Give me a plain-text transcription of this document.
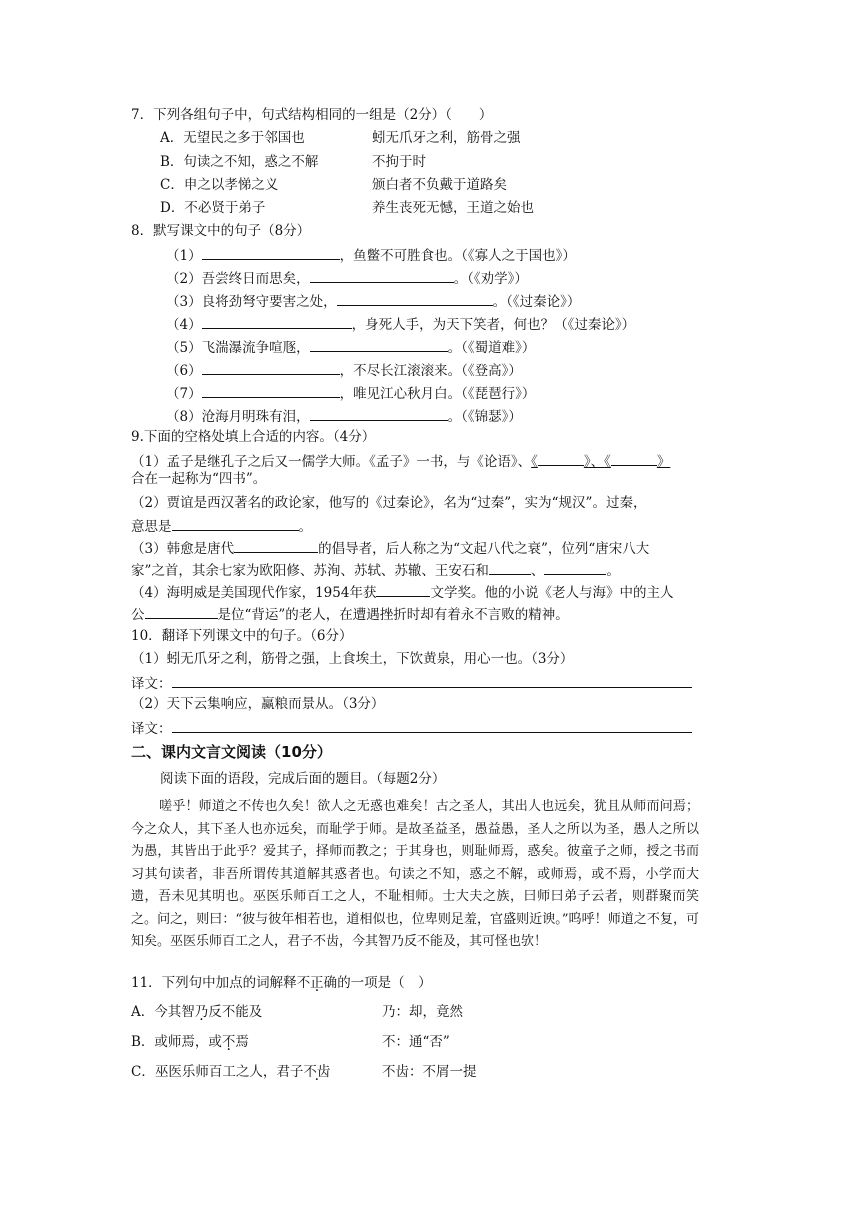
7．下列各组句子中，句式结构相同的一组是（2分）（　　）
A．无望民之多于邻国也	蚓无爪牙之利，筋骨之强
B．句读之不知，惑之不解	不拘于时
C．申之以孝悌之义	颁白者不负戴于道路矣
D．不必贤于弟子	养生丧死无憾，王道之始也
8．默写课文中的句子（8分）
（1）	，鱼鳖不可胜食也。（《寡人之于国也》）
（2）吾尝终日而思矣，	。（《劝学》）
（3）良将劲弩守要害之处，	。（《过秦论》）
（4）	，身死人手，为天下笑者，何也？（《过秦论》）
（5）飞湍瀑流争喧豗，	。（《蜀道难》）
（6）	，不尽长江滚滚来。（《登高》）
（7）	，唯见江心秋月白。（《琵琶行》）
（8）沧海月明珠有泪，	。（《锦瑟》）
9.下面的空格处填上合适的内容。（4分）
（1）孟子是继孔子之后又一儒学大师。《孟子》一书，与《论语》、《	》、《	》
合在一起称为“四书”。
（2）贾谊是西汉著名的政论家，他写的《过秦论》，名为“过秦”，实为“规汉”。过秦，
意思是	。
（3）韩愈是唐代	的倡导者，后人称之为“文起八代之衰”，位列“唐宋八大
家”之首，其余七家为欧阳修、苏洵、苏轼、苏辙、王安石和	、	。
（4）海明威是美国现代作家，1954年获	文学奖。他的小说《老人与海》中的主人
公	是位“背运”的老人，在遭遇挫折时却有着永不言败的精神。
10．翻译下列课文中的句子。（6分）
（1）蚓无爪牙之利，筋骨之强，上食埃土，下饮黄泉，用心一也。（3分）
译文：
（2）天下云集响应，赢粮而景从。（3分）
译文：
二、课内文言文阅读（10分）
阅读下面的语段，完成后面的题目。（每题2分）
嗟乎！师道之不传也久矣！欲人之无惑也难矣！古之圣人，其出人也远矣，犹且从师而问焉；今之众人，其下圣人也亦远矣，而耻学于师。是故圣益圣，愚益愚，圣人之所以为圣，愚人之所以为愚，其皆出于此乎？爱其子，择师而教之；于其身也，则耻师焉，惑矣。彼童子之师，授之书而习其句读者，非吾所谓传其道解其惑者也。句读之不知，惑之不解，或师焉，或不焉，小学而大遗，吾未见其明也。巫医乐师百工之人，不耻相师。士大夫之族，曰师曰弟子云者，则群聚而笑之。问之，则曰：“彼与彼年相若也，道相似也，位卑则足羞，官盛则近谀。”呜呼！师道之不复，可知矣。巫医乐师百工之人，君子不齿，今其智乃反不能及，其可怪也欤！
11．下列句中加点的词解释不正确的一项是（　）
A．今其智乃反不能及	乃：却，竟然
B．或师焉，或不焉	不：通“否”
C．巫医乐师百工之人，君子不齿	不齿：不屑一提
